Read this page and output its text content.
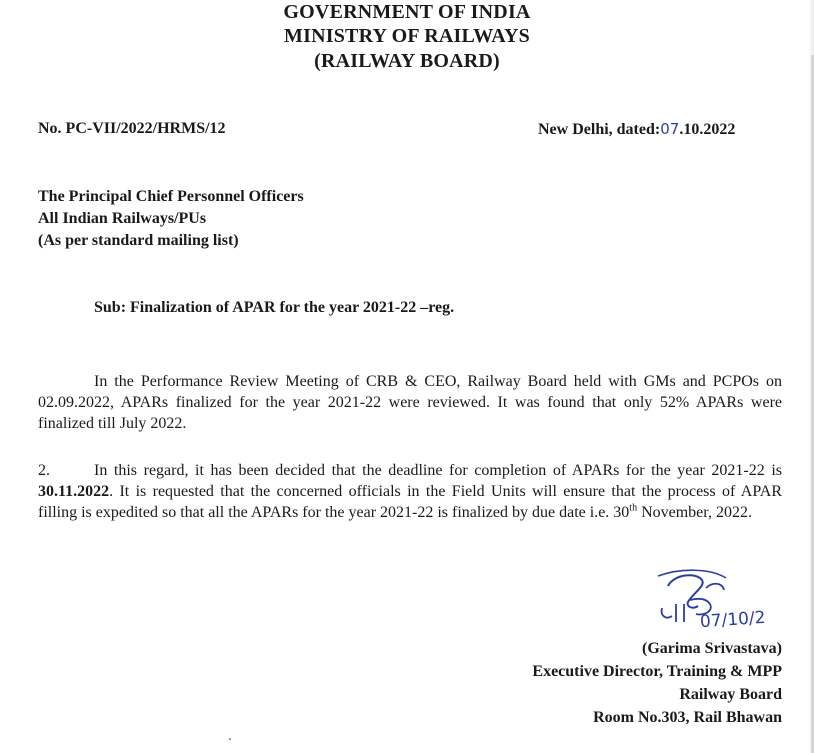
GOVERNMENT OF INDIA
MINISTRY OF RAILWAYS
(RAILWAY BOARD)
No. PC-VII/2022/HRMS/12	New Delhi, dated:07.10.2022
The Principal Chief Personnel Officers
All Indian Railways/PUs
(As per standard mailing list)
Sub: Finalization of APAR for the year 2021-22 –reg.
In the Performance Review Meeting of CRB & CEO, Railway Board held with GMs and PCPOs on 02.09.2022, APARs finalized for the year 2021-22 were reviewed. It was found that only 52% APARs were finalized till July 2022.
2.	In this regard, it has been decided that the deadline for completion of APARs for the year 2021-22 is 30.11.2022. It is requested that the concerned officials in the Field Units will ensure that the process of APAR filling is expedited so that all the APARs for the year 2021-22 is finalized by due date i.e. 30th November, 2022.
07/10/2
(Garima Srivastava)
Executive Director, Training & MPP
Railway Board
Room No.303, Rail Bhawan
